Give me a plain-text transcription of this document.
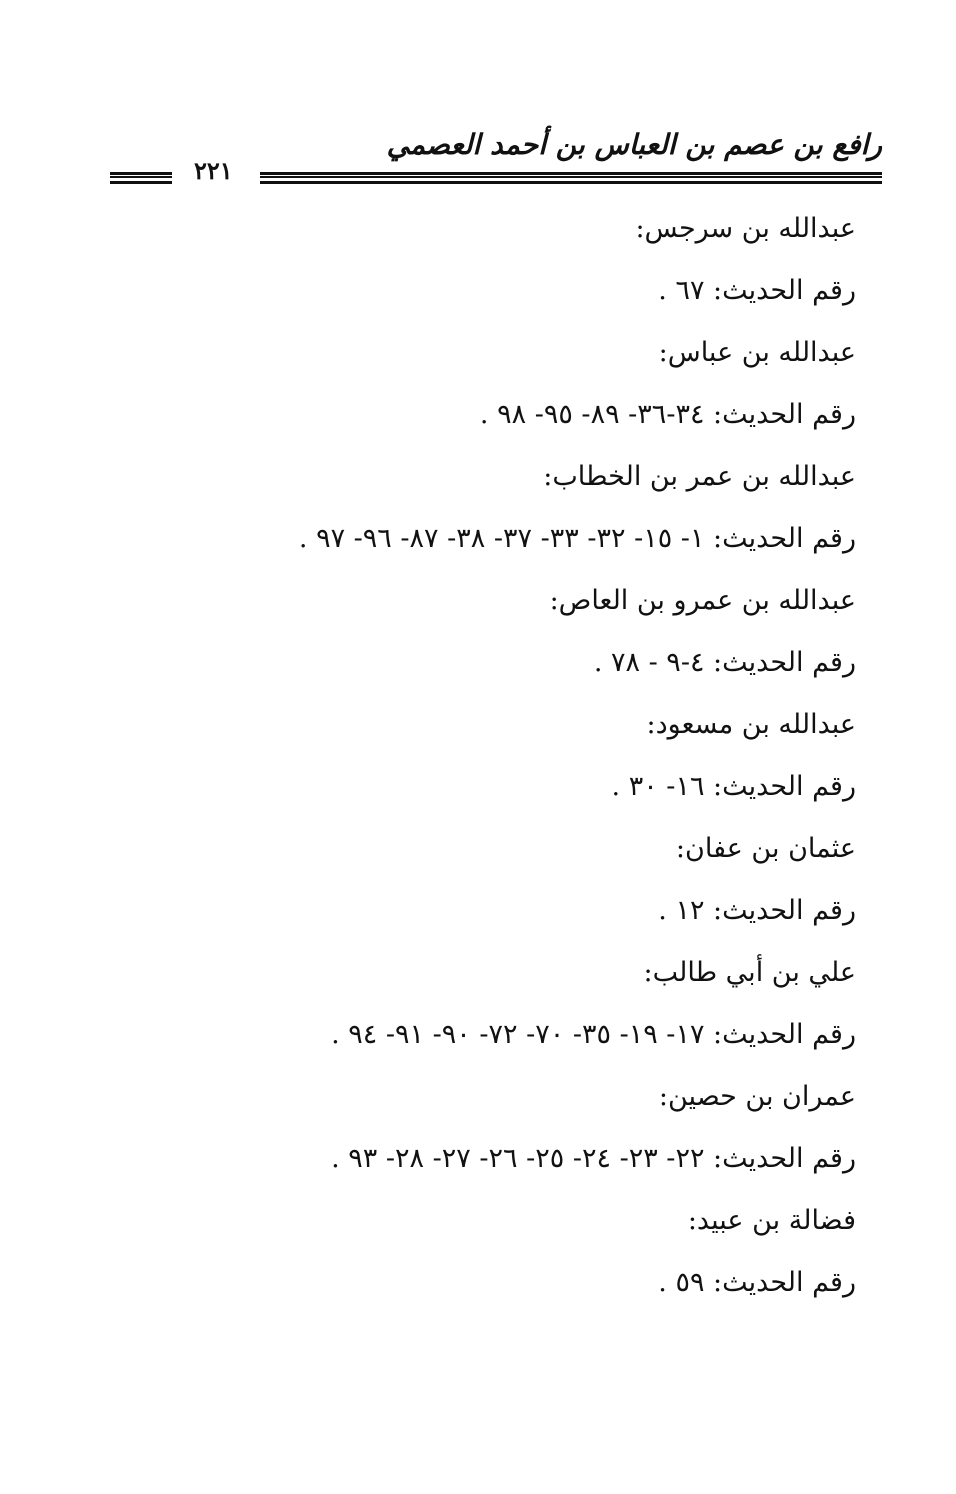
رافع بن عصم بن العباس بن أحمد العصمي
٢٢١
عبدالله بن سرجس:
رقم الحديث: ٦٧ .
عبدالله بن عباس:
رقم الحديث: ٣٤-٣٦- ٨٩- ٩٥- ٩٨ .
عبدالله بن عمر بن الخطاب:
رقم الحديث: ١- ١٥- ٣٢- ٣٣- ٣٧- ٣٨- ٨٧- ٩٦- ٩٧ .
عبدالله بن عمرو بن العاص:
رقم الحديث: ٤-٩ - ٧٨ .
عبدالله بن مسعود:
رقم الحديث: ١٦- ٣٠ .
عثمان بن عفان:
رقم الحديث: ١٢ .
علي بن أبي طالب:
رقم الحديث: ١٧- ١٩- ٣٥- ٧٠- ٧٢- ٩٠- ٩١- ٩٤ .
عمران بن حصين:
رقم الحديث: ٢٢- ٢٣- ٢٤- ٢٥- ٢٦- ٢٧- ٢٨- ٩٣ .
فضالة بن عبيد:
رقم الحديث: ٥٩ .
